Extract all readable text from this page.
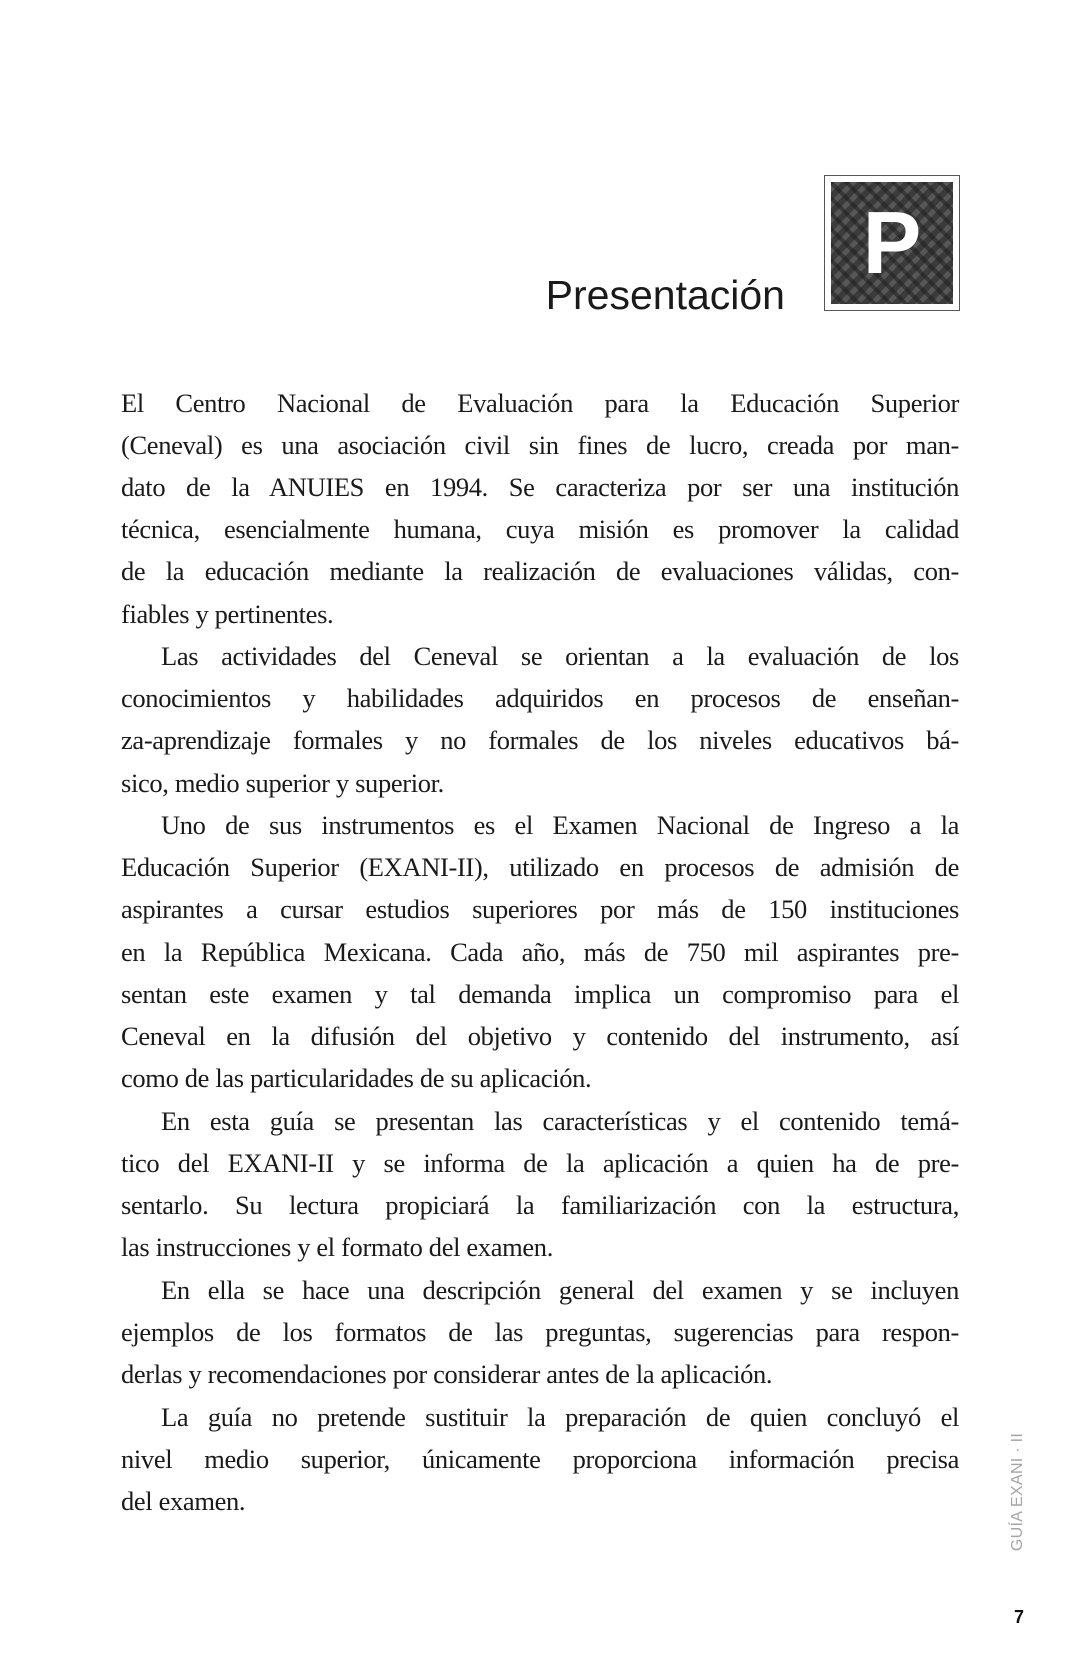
Presentación
P
El Centro Nacional de Evaluación para la Educación Superior
(Ceneval) es una asociación civil sin fines de lucro, creada por man-
dato de la ANUIES en 1994. Se caracteriza por ser una institución
técnica, esencialmente humana, cuya misión es promover la calidad
de la educación mediante la realización de evaluaciones válidas, con-
fiables y pertinentes.
Las actividades del Ceneval se orientan a la evaluación de los
conocimientos y habilidades adquiridos en procesos de enseñan-
za-aprendizaje formales y no formales de los niveles educativos bá-
sico, medio superior y superior.
Uno de sus instrumentos es el Examen Nacional de Ingreso a la
Educación Superior (EXANI-II), utilizado en procesos de admisión de
aspirantes a cursar estudios superiores por más de 150 instituciones
en la República Mexicana. Cada año, más de 750 mil aspirantes pre-
sentan este examen y tal demanda implica un compromiso para el
Ceneval en la difusión del objetivo y contenido del instrumento, así
como de las particularidades de su aplicación.
En esta guía se presentan las características y el contenido temá-
tico del EXANI-II y se informa de la aplicación a quien ha de pre-
sentarlo. Su lectura propiciará la familiarización con la estructura,
las instrucciones y el formato del examen.
En ella se hace una descripción general del examen y se incluyen
ejemplos de los formatos de las preguntas, sugerencias para respon-
derlas y recomendaciones por considerar antes de la aplicación.
La guía no pretende sustituir la preparación de quien concluyó el
nivel medio superior, únicamente proporciona información precisa
del examen.	GUÍA EXANI · II
7
